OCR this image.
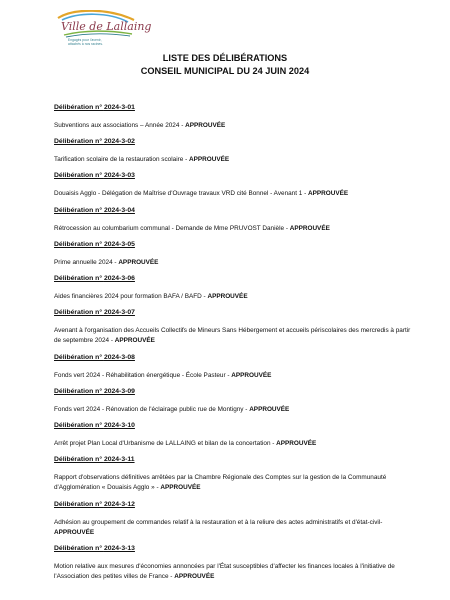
Ville de Lallaing
Engagés pour l'avenir,
attachés à nos racines.
LISTE DES DÉLIBÉRATIONS
CONSEIL MUNICIPAL DU 24 JUIN 2024
Délibération n° 2024-3-01
Subventions aux associations – Année 2024 - APPROUVÉE
Délibération n° 2024-3-02
Tarification scolaire de la restauration scolaire - APPROUVÉE
Délibération n° 2024-3-03
Douaisis Agglo - Délégation de Maîtrise d'Ouvrage travaux VRD cité Bonnel - Avenant 1 - APPROUVÉE
Délibération n° 2024-3-04
Rétrocession au columbarium communal - Demande de Mme PRUVOST Danièle - APPROUVÉE
Délibération n° 2024-3-05
Prime annuelle 2024 - APPROUVÉE
Délibération n° 2024-3-06
Aides financières 2024 pour formation BAFA / BAFD - APPROUVÉE
Délibération n° 2024-3-07
Avenant à l'organisation des Accueils Collectifs de Mineurs Sans Hébergement et accueils périscolaires des mercredis à partir de septembre 2024 - APPROUVÉE
Délibération n° 2024-3-08
Fonds vert 2024 - Réhabilitation énergétique - École Pasteur - APPROUVÉE
Délibération n° 2024-3-09
Fonds vert 2024 - Rénovation de l'éclairage public rue de Montigny - APPROUVÉE
Délibération n° 2024-3-10
Arrêt projet Plan Local d'Urbanisme de LALLAING et bilan de la concertation - APPROUVÉE
Délibération n° 2024-3-11
Rapport d'observations définitives arrêtées par la Chambre Régionale des Comptes sur la gestion de la Communauté d'Agglomération « Douaisis Agglo » - APPROUVÉE
Délibération n° 2024-3-12
Adhésion au groupement de commandes relatif à la restauration et à la reliure des actes administratifs et d'état-civil- APPROUVÉE
Délibération n° 2024-3-13
Motion relative aux mesures d'économies annoncées par l'État susceptibles d'affecter les finances locales à l'initiative de l'Association des petites villes de France - APPROUVÉE
